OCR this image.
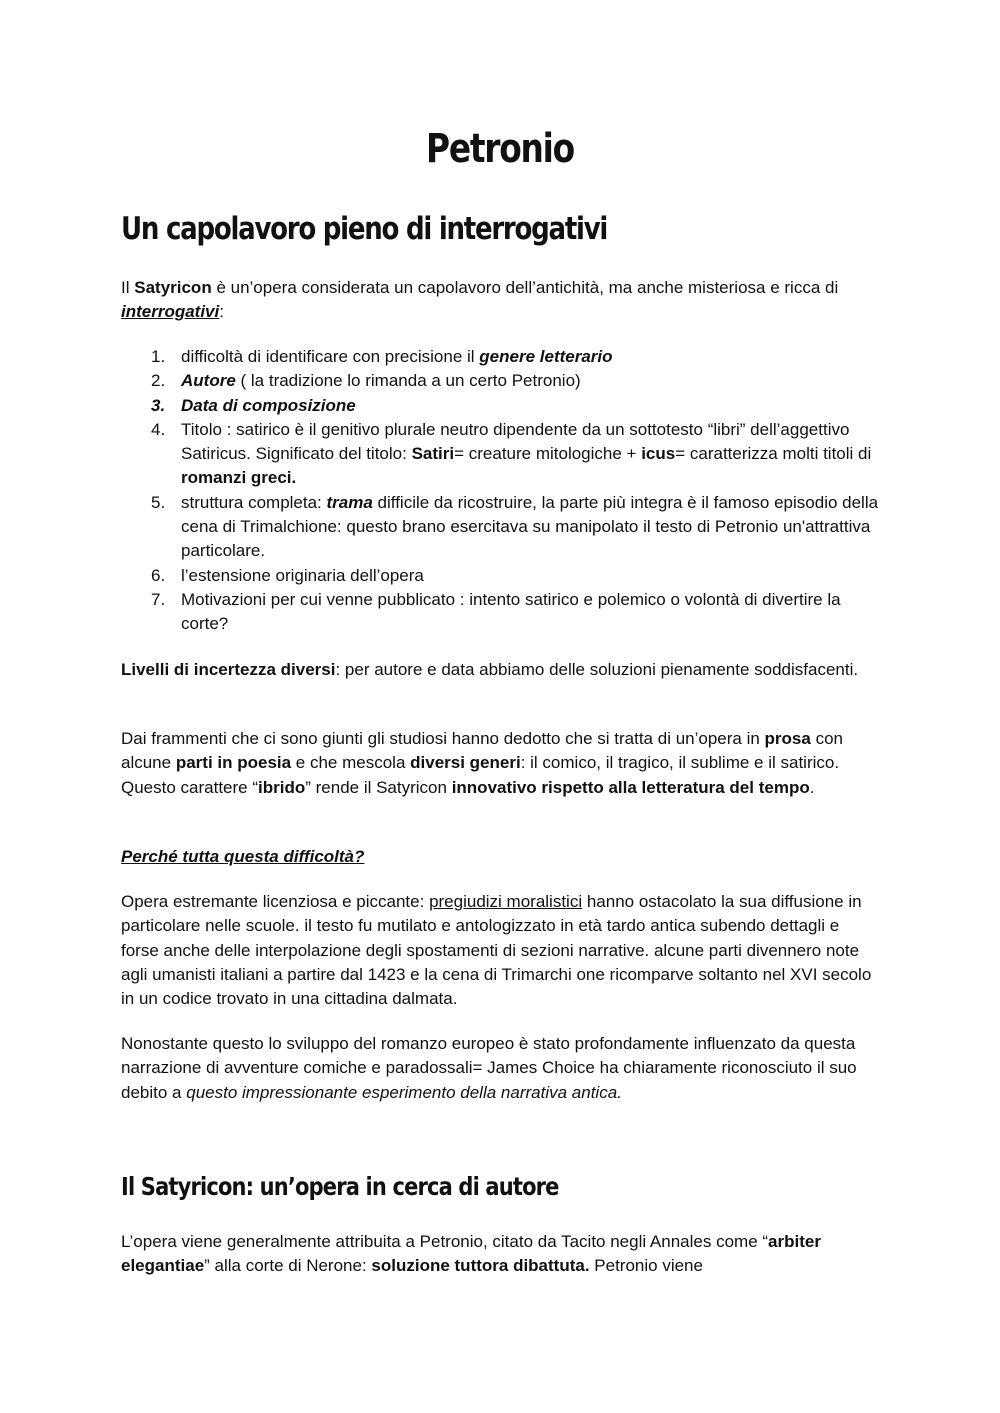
Petronio
Un capolavoro pieno di interrogativi
Il Satyricon è un’opera considerata un capolavoro dell’antichità, ma anche misteriosa e ricca di interrogativi:
1. difficoltà di identificare con precisione il genere letterario
2. Autore ( la tradizione lo rimanda a un certo Petronio)
3. Data di composizione
4. Titolo : satirico è il genitivo plurale neutro dipendente da un sottotesto “libri” dell’aggettivo Satiricus. Significato del titolo: Satiri= creature mitologiche + icus= caratterizza molti titoli di romanzi greci.
5. struttura completa: trama difficile da ricostruire, la parte più integra è il famoso episodio della cena di Trimalchione: questo brano esercitava su manipolato il testo di Petronio un'attrattiva particolare.
6. l’estensione originaria dell’opera
7. Motivazioni per cui venne pubblicato : intento satirico e polemico o volontà di divertire la corte?
Livelli di incertezza diversi: per autore e data abbiamo delle soluzioni pienamente soddisfacenti.
Dai frammenti che ci sono giunti gli studiosi hanno dedotto che si tratta di un’opera in prosa con alcune parti in poesia e che mescola diversi generi: il comico, il tragico, il sublime e il satirico. Questo carattere “ibrido” rende il Satyricon innovativo rispetto alla letteratura del tempo.
Perché tutta questa difficoltà?
Opera estremante licenziosa e piccante: pregiudizi moralistici hanno ostacolato la sua diffusione in particolare nelle scuole. il testo fu mutilato e antologizzato in età tardo antica subendo dettagli e forse anche delle interpolazione degli spostamenti di sezioni narrative. alcune parti divennero note agli umanisti italiani a partire dal 1423 e la cena di Trimarchi one ricomparve soltanto nel XVI secolo in un codice trovato in una cittadina dalmata.
Nonostante questo lo sviluppo del romanzo europeo è stato profondamente influenzato da questa narrazione di avventure comiche e paradossali= James Choice ha chiaramente riconosciuto il suo debito a questo impressionante esperimento della narrativa antica.
Il Satyricon: un’opera in cerca di autore
L’opera viene generalmente attribuita a Petronio, citato da Tacito negli Annales come “arbiter elegantiae” alla corte di Nerone: soluzione tuttora dibattuta. Petronio viene
